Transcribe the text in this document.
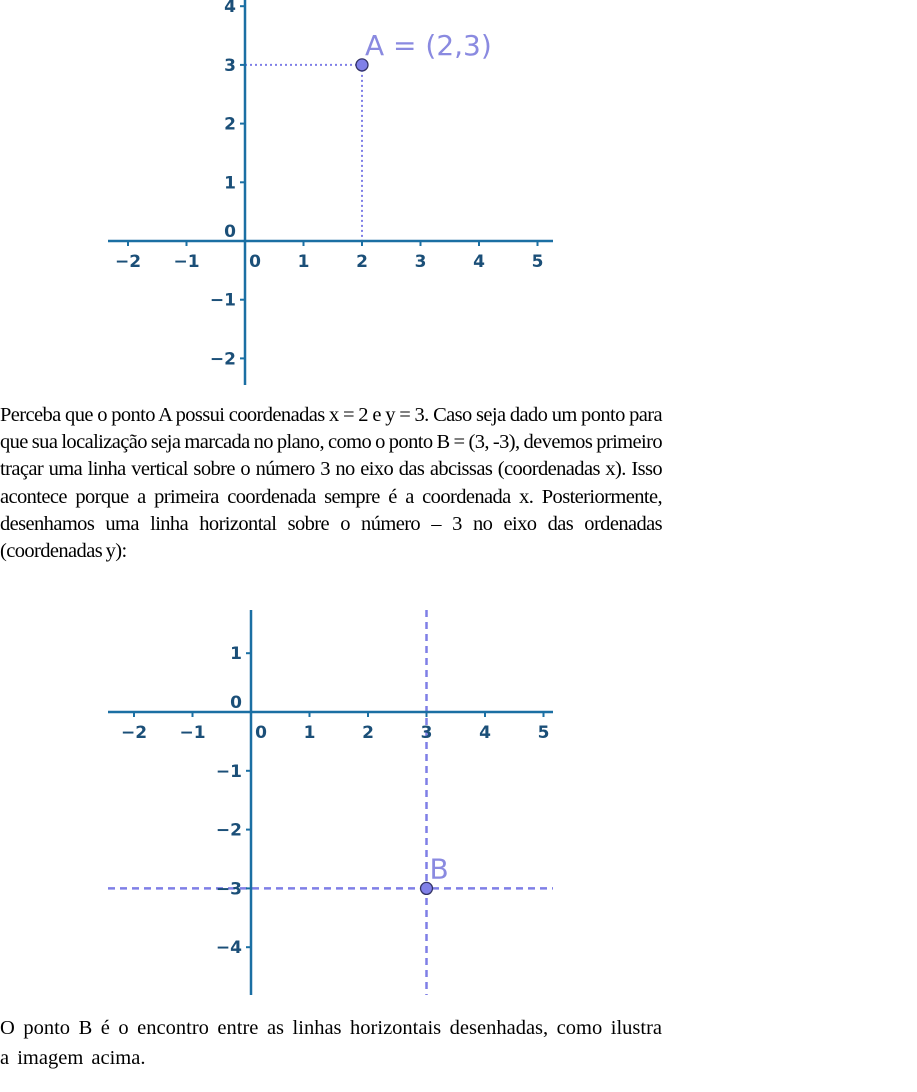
−2 −1	0 1	2	3	4	5
−2
−1
0
1
2
3
4
A = (2,3)

Perceba que o ponto A possui coordenadas x = 2 e y = 3. Caso seja dado um ponto para que sua localização seja marcada no plano, como o ponto B = (3, -3), devemos primeiro traçar uma linha vertical sobre o número 3 no eixo das abcissas (coordenadas x). Isso acontece porque a primeira coordenada sempre é a coordenada x. Posteriormente, desenhamos uma linha horizontal sobre o número – 3 no eixo das ordenadas (coordenadas y):

−2 −1	0 1	2	3	4	5
−4
−3
−2
−1
0
1
B

O ponto B é o encontro entre as linhas horizontais desenhadas, como ilustra a imagem acima.
